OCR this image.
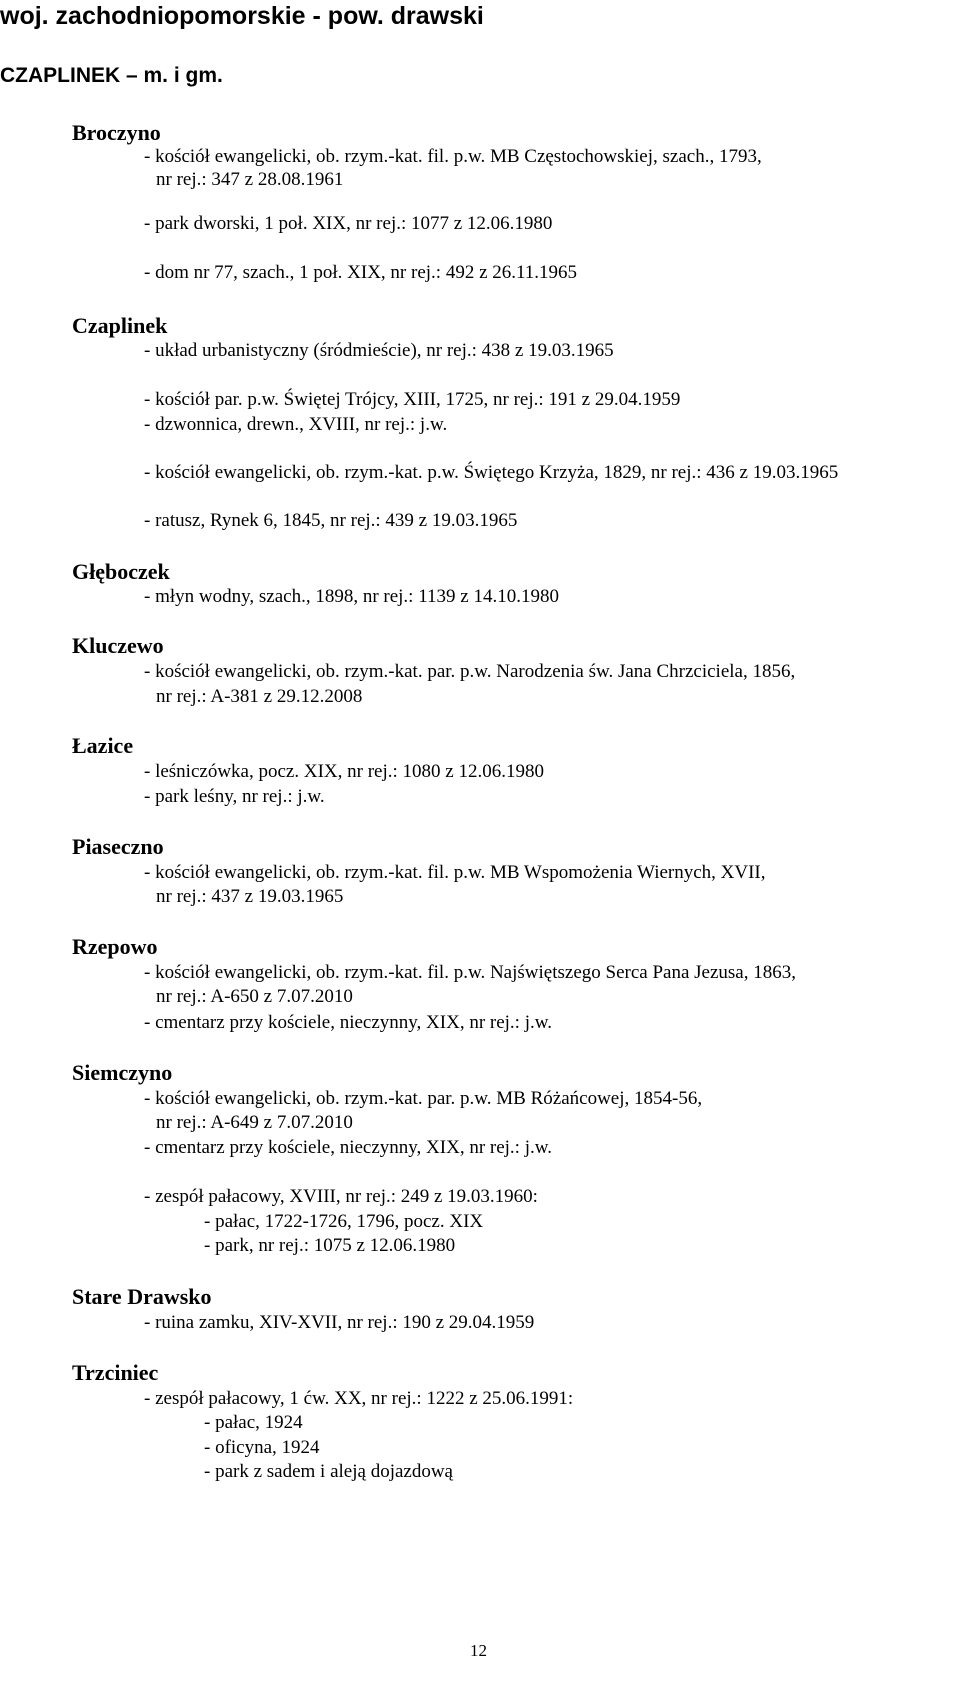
woj. zachodniopomorskie - pow. drawski
CZAPLINEK – m. i gm.
Broczyno
- kościół ewangelicki, ob. rzym.-kat. fil. p.w. MB Częstochowskiej, szach., 1793,
nr rej.: 347 z 28.08.1961
- park dworski, 1 poł. XIX, nr rej.: 1077 z 12.06.1980
- dom nr 77, szach., 1 poł. XIX, nr rej.: 492 z 26.11.1965
Czaplinek
- układ urbanistyczny (śródmieście), nr rej.: 438 z 19.03.1965
- kościół par. p.w. Świętej Trójcy, XIII, 1725, nr rej.: 191 z 29.04.1959
- dzwonnica, drewn., XVIII, nr rej.: j.w.
- kościół ewangelicki, ob. rzym.-kat. p.w. Świętego Krzyża, 1829, nr rej.: 436 z 19.03.1965
- ratusz, Rynek 6, 1845, nr rej.: 439 z 19.03.1965
Głęboczek
- młyn wodny, szach., 1898, nr rej.: 1139 z 14.10.1980
Kluczewo
- kościół ewangelicki, ob. rzym.-kat. par. p.w. Narodzenia św. Jana Chrzciciela, 1856,
nr rej.: A-381 z 29.12.2008
Łazice
- leśniczówka, pocz. XIX, nr rej.: 1080 z 12.06.1980
- park leśny, nr rej.: j.w.
Piaseczno
- kościół ewangelicki, ob. rzym.-kat. fil. p.w. MB Wspomożenia Wiernych, XVII,
nr rej.: 437 z 19.03.1965
Rzepowo
- kościół ewangelicki, ob. rzym.-kat. fil. p.w. Najświętszego Serca Pana Jezusa, 1863,
nr rej.: A-650 z 7.07.2010
- cmentarz przy kościele, nieczynny, XIX, nr rej.: j.w.
Siemczyno
- kościół ewangelicki, ob. rzym.-kat. par. p.w. MB Różańcowej, 1854-56,
nr rej.: A-649 z 7.07.2010
- cmentarz przy kościele, nieczynny, XIX, nr rej.: j.w.
- zespół pałacowy, XVIII, nr rej.: 249 z 19.03.1960:
- pałac, 1722-1726, 1796, pocz. XIX
- park, nr rej.: 1075 z 12.06.1980
Stare Drawsko
- ruina zamku, XIV-XVII, nr rej.: 190 z 29.04.1959
Trzciniec
- zespół pałacowy, 1 ćw. XX, nr rej.: 1222 z 25.06.1991:
- pałac, 1924
- oficyna, 1924
- park z sadem i aleją dojazdową
12
